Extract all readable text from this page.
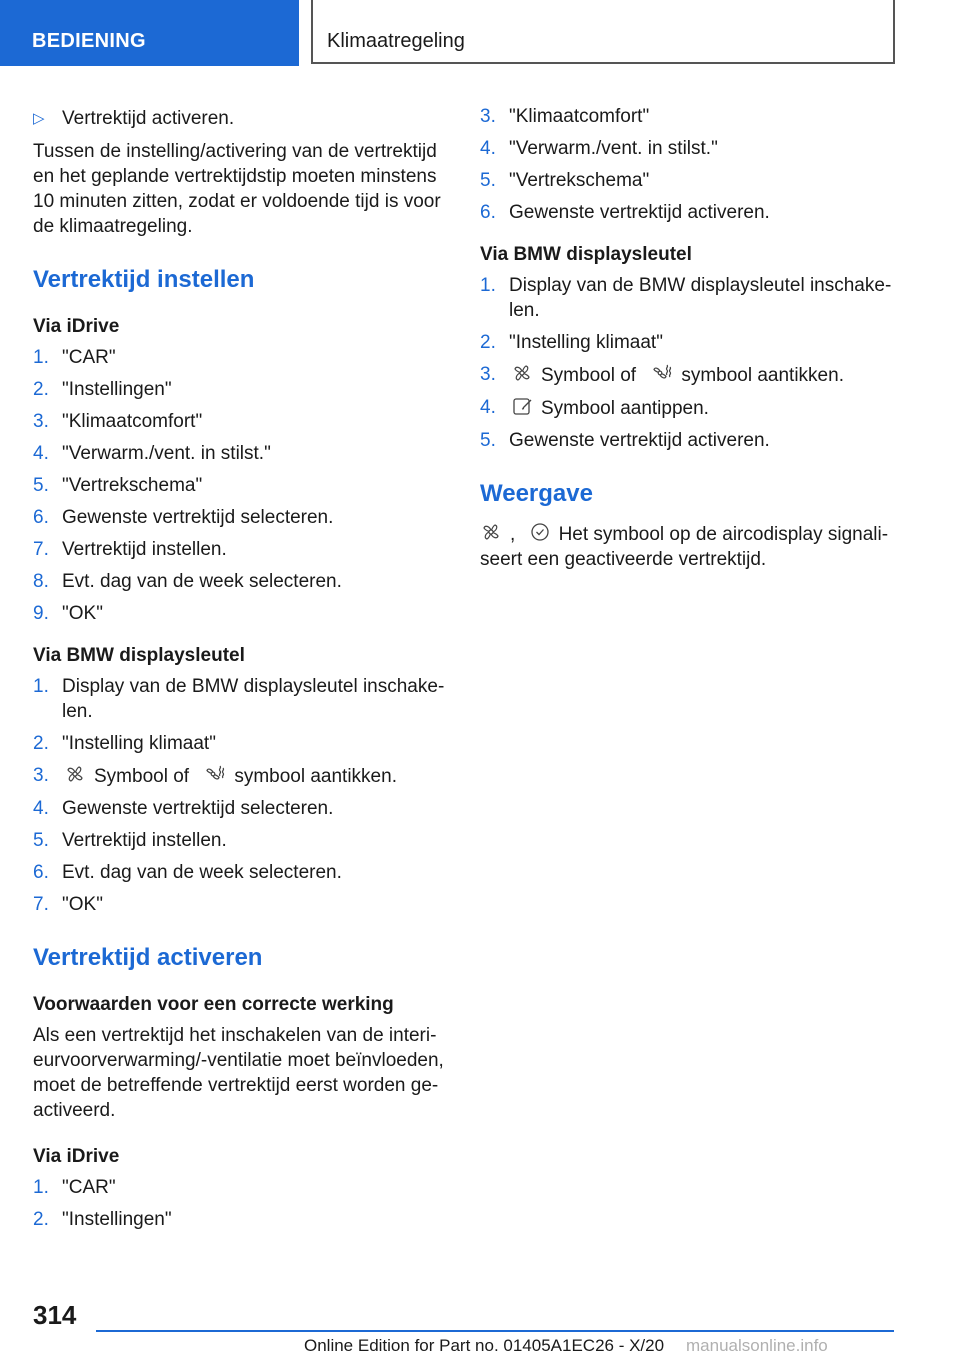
BEDIENING	Klimaatregeling
▷ Vertrektijd activeren.

Tussen de instelling/activering van de vertrektijd en het geplande vertrektijdstip moeten minstens 10 minuten zitten, zodat er voldoende tijd is voor de klimaatregeling.

Vertrektijd instellen
Via iDrive
1. "CAR"
2. "Instellingen"
3. "Klimaatcomfort"
4. "Verwarm./vent. in stilst."
5. "Vertrekschema"
6. Gewenste vertrektijd selecteren.
7. Vertrektijd instellen.
8. Evt. dag van de week selecteren.
9. "OK"
Via BMW displaysleutel
1. Display van de BMW displaysleutel inschakelen.
2. "Instelling klimaat"
3.	Symbool of symbool aantikken.
4. Gewenste vertrektijd selecteren.
5. Vertrektijd instellen.
6. Evt. dag van de week selecteren.
7. "OK"
Vertrektijd activeren
Voorwaarden voor een correcte werking

Als een vertrektijd het inschakelen van de interieurvoorverwarming/-ventilatie moet beïnvloeden, moet de betreffende vertrektijd eerst worden geactiveerd.

Via iDrive
1. "CAR"
2. "Instellingen"
3. "Klimaatcomfort"
4. "Verwarm./vent. in stilst."
5. "Vertrekschema"
6. Gewenste vertrektijd activeren.
Via BMW displaysleutel
1. Display van de BMW displaysleutel inschakelen.
2. "Instelling klimaat"
3.	Symbool of symbool aantikken.
4.	Symbool aantippen.
5. Gewenste vertrektijd activeren.
Weergave

, Het symbool op de aircodisplay signaliseert een geactiveerde vertrektijd.

314
Online Edition for Part no. 01405A1EC26 - X/20 manualsonline.info
